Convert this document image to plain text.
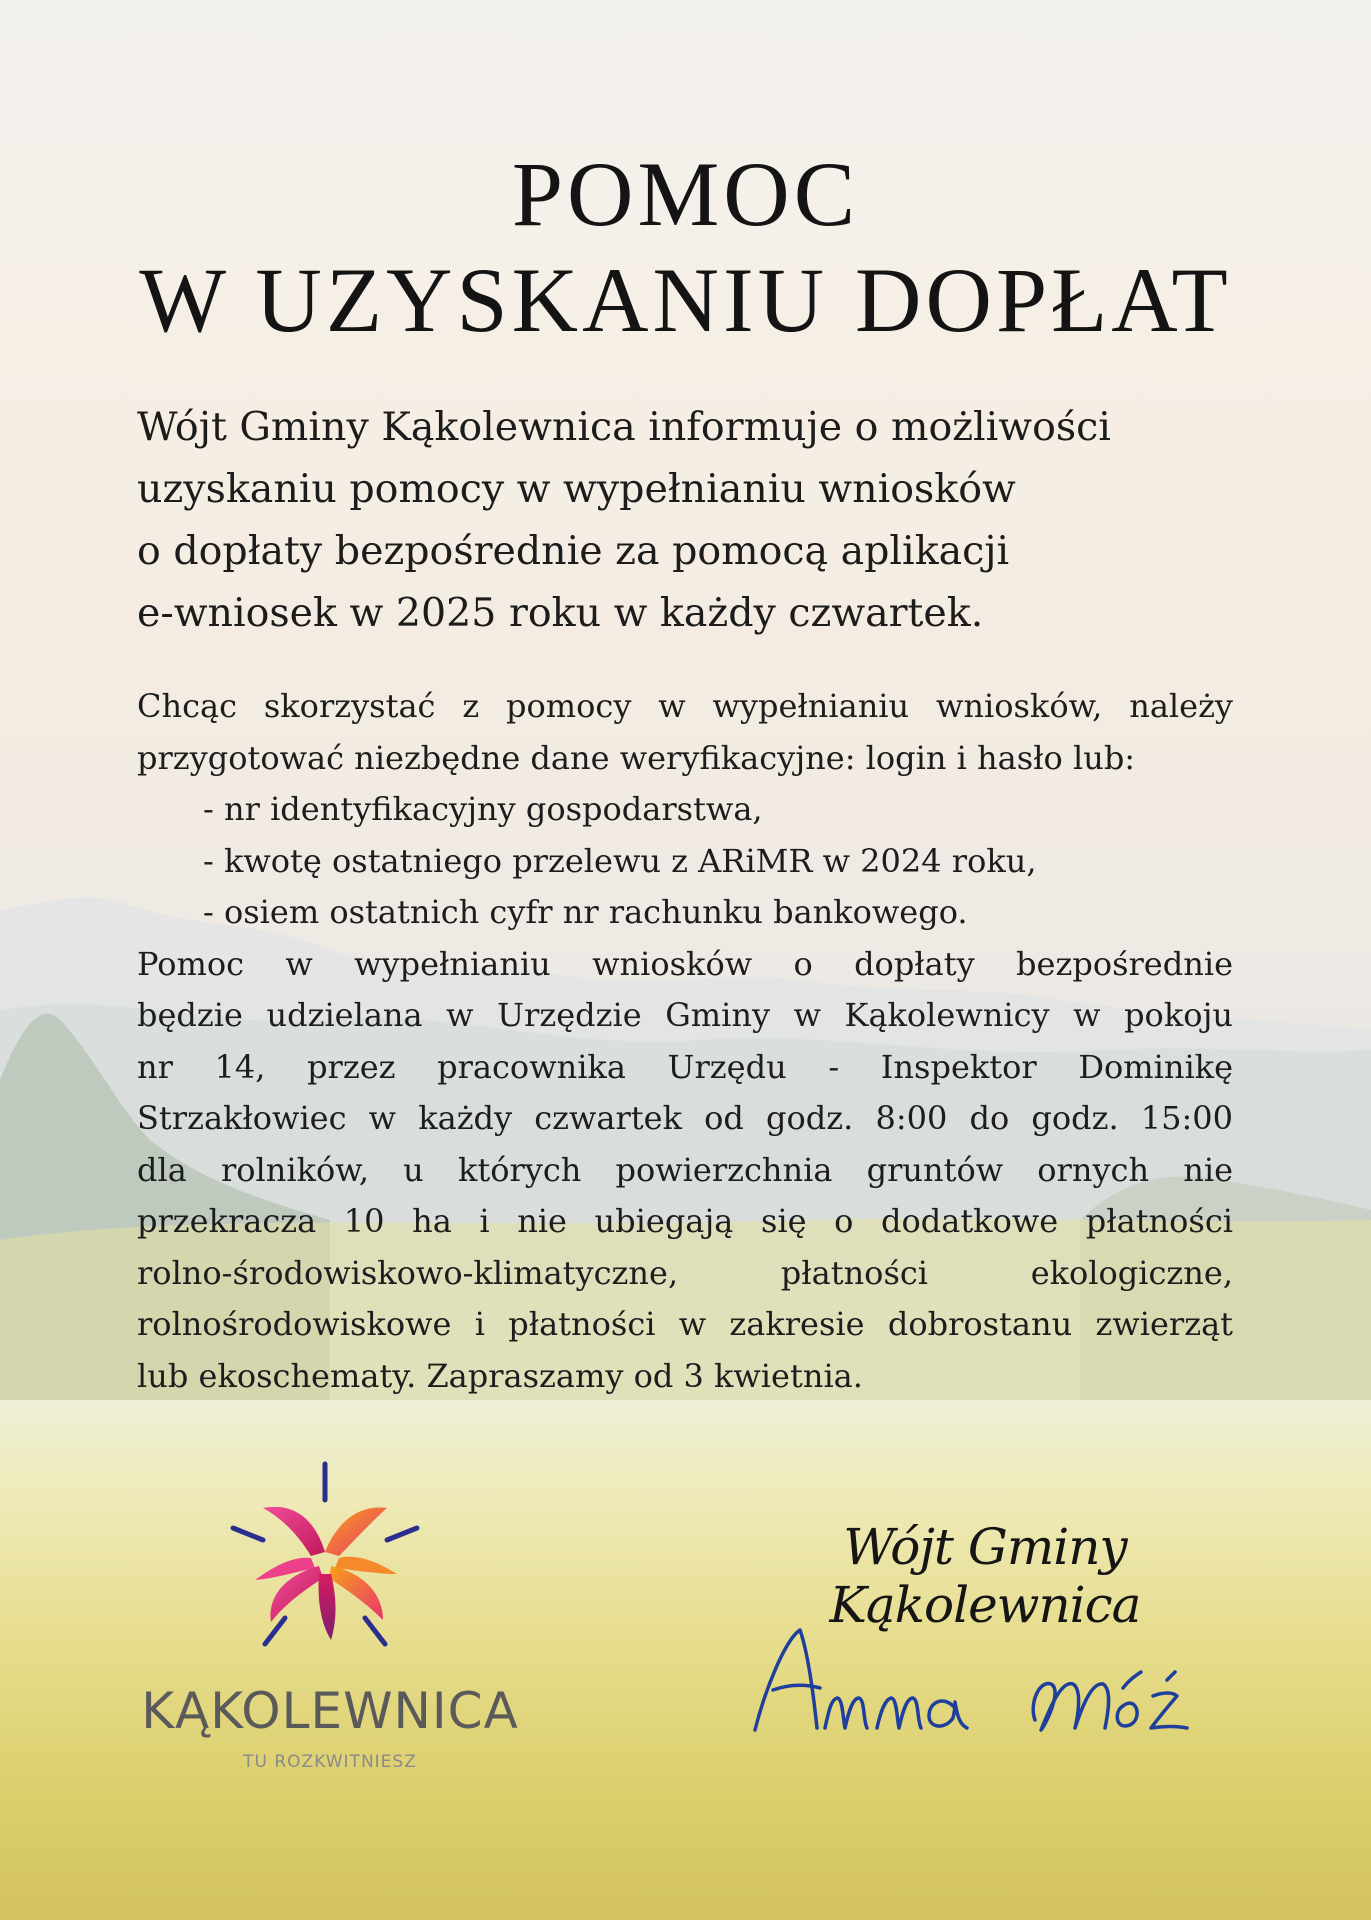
POMOC
W UZYSKANIU DOPŁAT

Wójt Gminy Kąkolewnica informuje o możliwości
uzyskaniu pomocy w wypełnianiu wniosków
o dopłaty bezpośrednie za pomocą aplikacji
e-wniosek w 2025 roku w każdy czwartek.

Chcąc skorzystać z pomocy w wypełnianiu wniosków, należy
przygotować niezbędne dane weryfikacyjne: login i hasło lub:
- nr identyfikacyjny gospodarstwa,
- kwotę ostatniego przelewu z ARiMR w 2024 roku,
- osiem ostatnich cyfr nr rachunku bankowego.
Pomoc w wypełnianiu wniosków o dopłaty bezpośrednie
będzie udzielana w Urzędzie Gminy w Kąkolewnicy w pokoju
nr 14, przez pracownika Urzędu - Inspektor Dominikę
Strzakłowiec w każdy czwartek od godz. 8:00 do godz. 15:00
dla rolników, u których powierzchnia gruntów ornych nie
przekracza 10 ha i nie ubiegają się o dodatkowe płatności
rolno-środowiskowo-klimatyczne, płatności ekologiczne,
rolnośrodowiskowe i płatności w zakresie dobrostanu zwierząt
lub ekoschematy. Zapraszamy od 3 kwietnia.
KĄKOLEWNICA
TU ROZKWITNIESZ
Wójt Gminy Kąkolewnica
